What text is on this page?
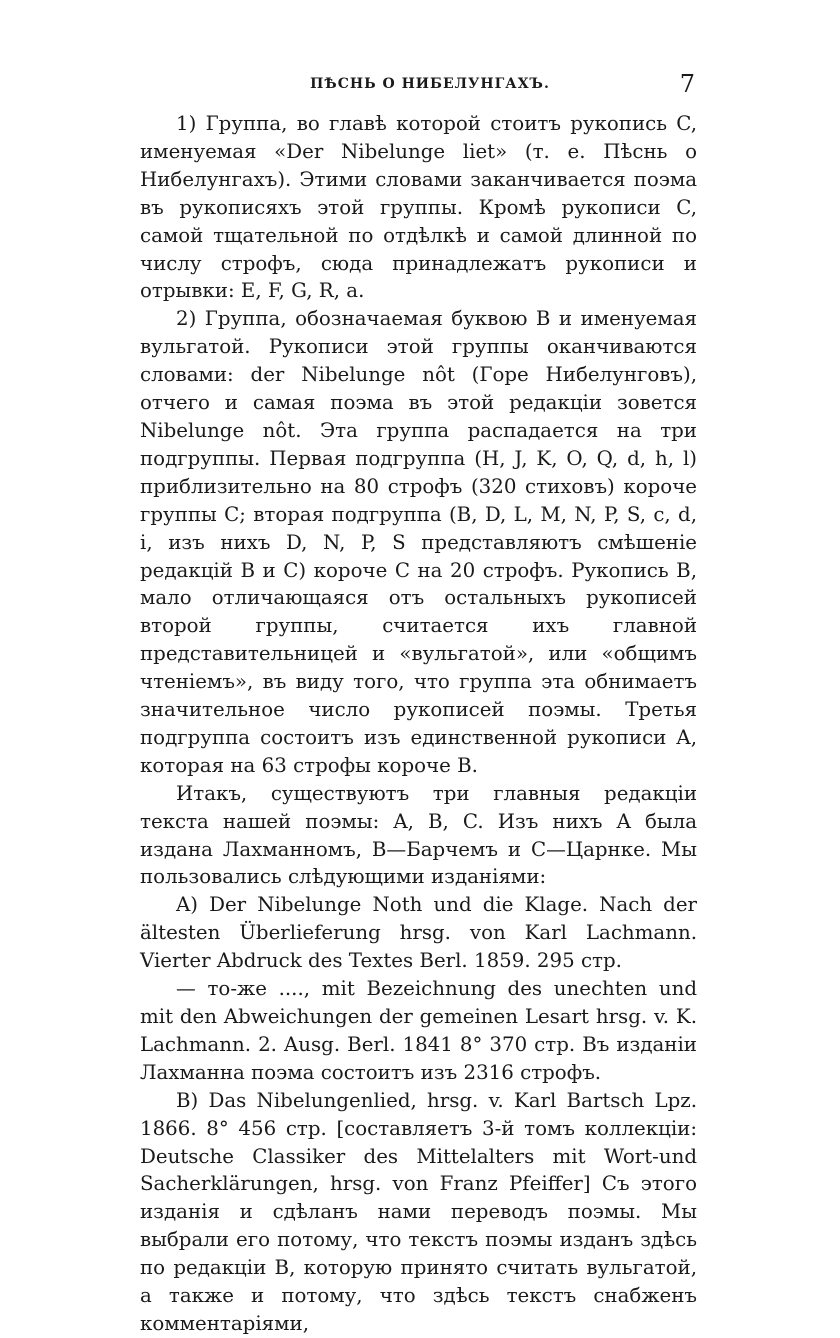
ПѢСНЬ О НИБЕЛУНГАХЪ.	7

1) Группа, во главѣ которой стоитъ рукопись C, именуемая «Der Nibelunge liet» (т. е. Пѣснь о Нибелунгахъ). Этими словами заканчивается поэма въ рукописяхъ этой группы. Кромѣ рукописи C, самой тщательной по отдѣлкѣ и самой длинной по числу строфъ, сюда принадлежатъ рукописи и отрывки: E, F, G, R, a.

2) Группа, обозначаемая буквою B и именуемая вульгатой. Рукописи этой группы оканчиваются словами: der Nibelunge nôt (Горе Нибелунговъ), отчего и самая поэма въ этой редакціи зовется Nibelunge nôt. Эта группа распадается на три подгруппы. Первая подгруппа (H, J, K, O, Q, d, h, l) приблизительно на 80 строфъ (320 стиховъ) короче группы C; вторая подгруппа (B, D, L, M, N, P, S, c, d, i, изъ нихъ D, N, P, S представляютъ смѣшеніе редакцій B и C) короче C на 20 строфъ. Рукопись B, мало отличающаяся отъ остальныхъ рукописей второй группы, считается ихъ главной представительницей и «вульгатой», или «общимъ чтеніемъ», въ виду того, что группа эта обнимаетъ значительное число рукописей поэмы. Третья подгруппа состоитъ изъ единственной рукописи A, которая на 63 строфы короче B.

Итакъ, существуютъ три главныя редакціи текста нашей поэмы: A, B, C. Изъ нихъ A была издана Лахманномъ, B—Барчемъ и C—Царнке. Мы пользовались слѣдующими изданіями:

A) Der Nibelunge Noth und die Klage. Nach der ältesten Überlieferung hrsg. von Karl Lachmann. Vierter Abdruck des Textes Berl. 1859. 295 стр.

— то-же ...., mit Bezeichnung des unechten und mit den Abweichungen der gemeinen Lesart hrsg. v. K. Lachmann. 2. Ausg. Berl. 1841 8° 370 стр. Въ изданіи Лахманна поэма состоитъ изъ 2316 строфъ.

B) Das Nibelungenlied, hrsg. v. Karl Bartsch Lpz. 1866. 8° 456 стр. [составляетъ 3-й томъ коллекціи: Deutsche Classiker des Mittelalters mit Wort-und Sacherklärungen, hrsg. von Franz Pfeiffer] Съ этого изданія и сдѣланъ нами переводъ поэмы. Мы выбрали его потому, что текстъ поэмы изданъ здѣсь по редакціи B, которую принято считать вульгатой, а также и потому, что здѣсь текстъ снабженъ комментаріями,
